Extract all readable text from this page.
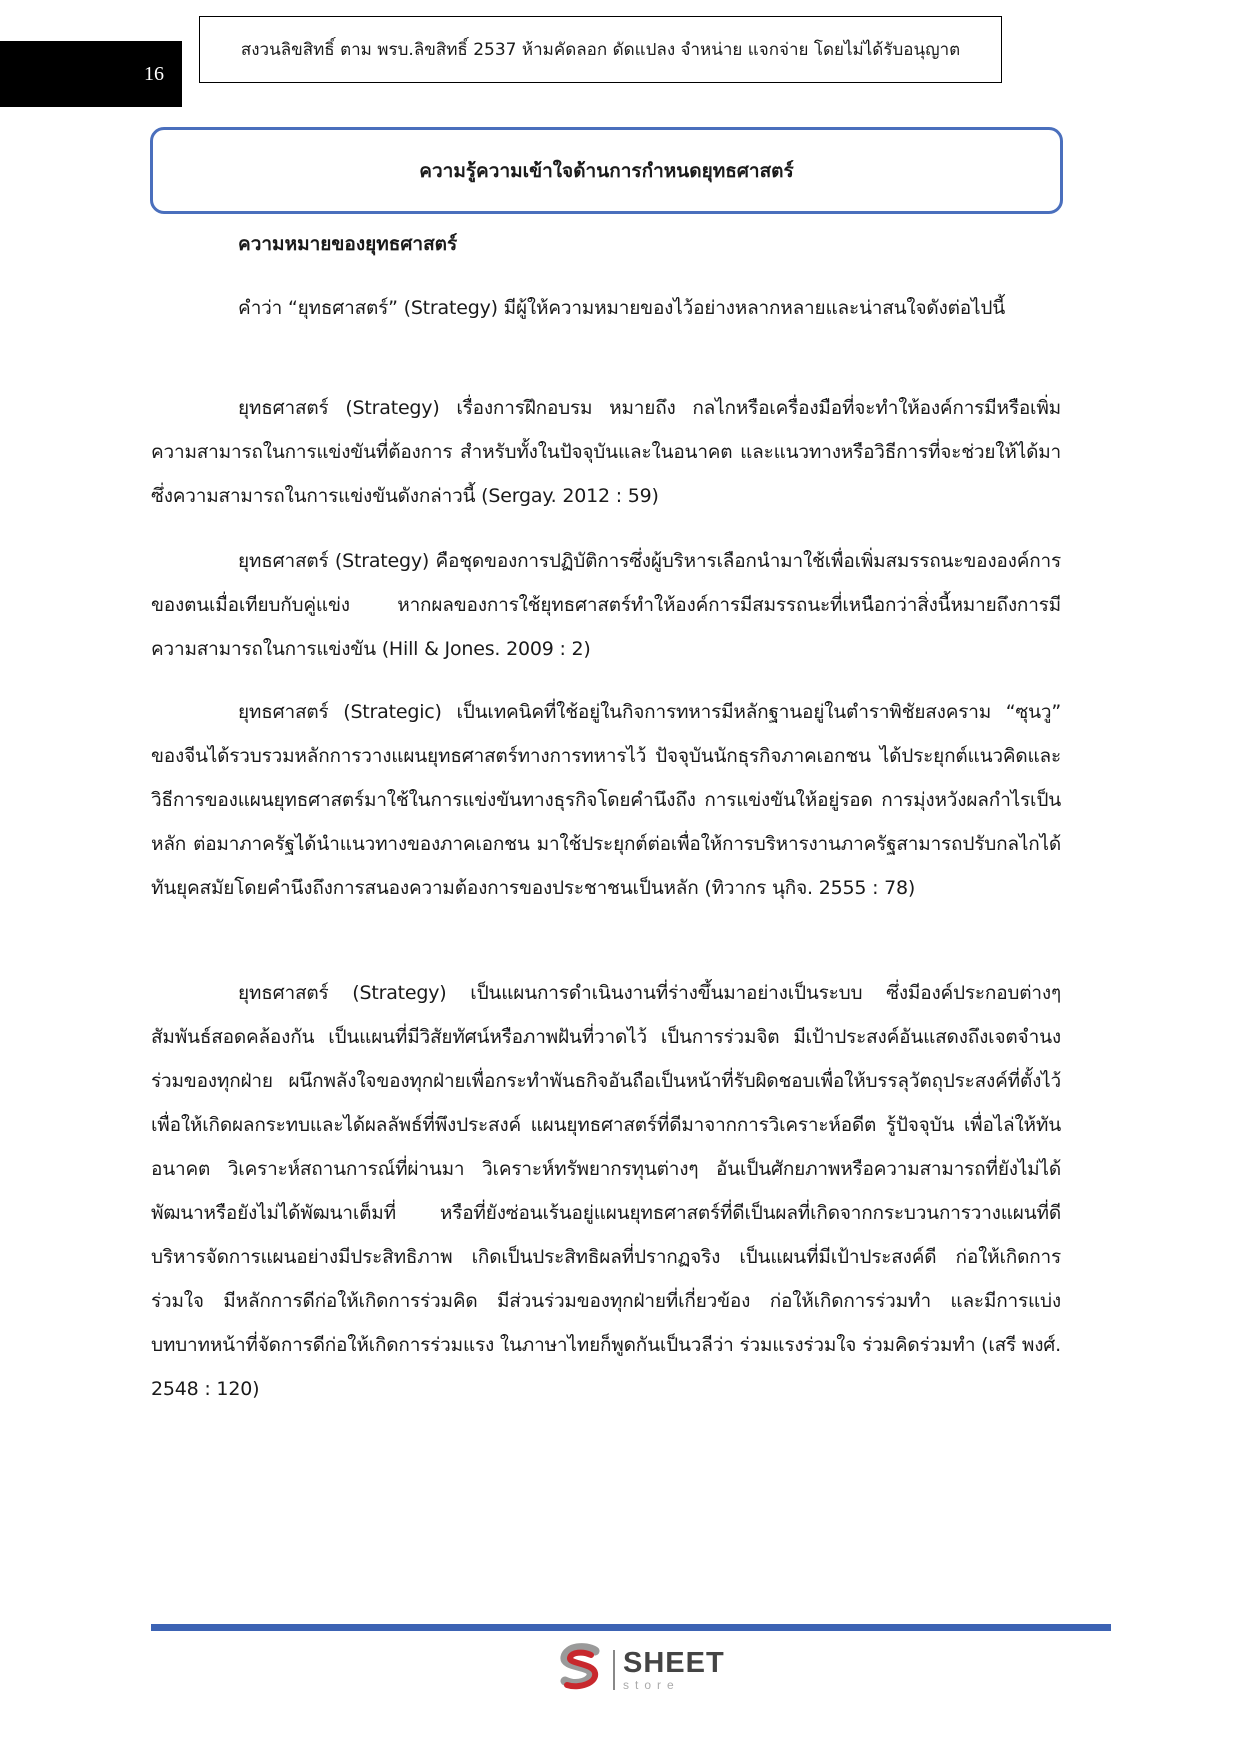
16
สงวนลิขสิทธิ์ ตาม พรบ.ลิขสิทธิ์ 2537 ห้ามคัดลอก ดัดแปลง จำหน่าย แจกจ่าย โดยไม่ได้รับอนุญาต
ความรู้ความเข้าใจด้านการกำหนดยุทธศาสตร์
ความหมายของยุทธศาสตร์

คำว่า “ยุทธศาสตร์” (Strategy) มีผู้ให้ความหมายของไว้อย่างหลากหลายและน่าสนใจดังต่อไปนี้

ยุทธศาสตร์ (Strategy) เรื่องการฝึกอบรม หมายถึง กลไกหรือเครื่องมือที่จะทำให้องค์การมีหรือเพิ่มความสามารถในการแข่งขันที่ต้องการ สำหรับทั้งในปัจจุบันและในอนาคต และแนวทางหรือวิธีการที่จะช่วยให้ได้มาซึ่งความสามารถในการแข่งขันดังกล่าวนี้ (Sergay. 2012 : 59)

ยุทธศาสตร์ (Strategy) คือชุดของการปฏิบัติการซึ่งผู้บริหารเลือกนำมาใช้เพื่อเพิ่มสมรรถนะขององค์การของตนเมื่อเทียบกับคู่แข่ง หากผลของการใช้ยุทธศาสตร์ทำให้องค์การมีสมรรถนะที่เหนือกว่าสิ่งนี้หมายถึงการมีความสามารถในการแข่งขัน (Hill & Jones. 2009 : 2)

ยุทธศาสตร์ (Strategic) เป็นเทคนิคที่ใช้อยู่ในกิจการทหารมีหลักฐานอยู่ในตำราพิชัยสงคราม “ซุนวู” ของจีนได้รวบรวมหลักการวางแผนยุทธศาสตร์ทางการทหารไว้ ปัจจุบันนักธุรกิจภาคเอกชน ได้ประยุกต์แนวคิดและวิธีการของแผนยุทธศาสตร์มาใช้ในการแข่งขันทางธุรกิจโดยคำนึงถึง การแข่งขันให้อยู่รอด การมุ่งหวังผลกำไรเป็นหลัก ต่อมาภาครัฐได้นำแนวทางของภาคเอกชน มาใช้ประยุกต์ต่อเพื่อให้การบริหารงานภาครัฐสามารถปรับกลไกได้ทันยุคสมัยโดยคำนึงถึงการสนองความต้องการของประชาชนเป็นหลัก (ทิวากร นุกิจ. 2555 : 78)

ยุทธศาสตร์ (Strategy) เป็นแผนการดำเนินงานที่ร่างขึ้นมาอย่างเป็นระบบ ซึ่งมีองค์ประกอบต่างๆ สัมพันธ์สอดคล้องกัน เป็นแผนที่มีวิสัยทัศน์หรือภาพฝันที่วาดไว้ เป็นการร่วมจิต มีเป้าประสงค์อันแสดงถึงเจตจำนงร่วมของทุกฝ่าย ผนึกพลังใจของทุกฝ่ายเพื่อกระทำพันธกิจอันถือเป็นหน้าที่รับผิดชอบเพื่อให้บรรลุวัตถุประสงค์ที่ตั้งไว้ เพื่อให้เกิดผลกระทบและได้ผลลัพธ์ที่พึงประสงค์ แผนยุทธศาสตร์ที่ดีมาจากการวิเคราะห์อดีต รู้ปัจจุบัน เพื่อไล่ให้ทันอนาคต วิเคราะห์สถานการณ์ที่ผ่านมา วิเคราะห์ทรัพยากรทุนต่างๆ อันเป็นศักยภาพหรือความสามารถที่ยังไม่ได้พัฒนาหรือยังไม่ได้พัฒนาเต็มที่ หรือที่ยังซ่อนเร้นอยู่แผนยุทธศาสตร์ที่ดีเป็นผลที่เกิดจากกระบวนการวางแผนที่ดี บริหารจัดการแผนอย่างมีประสิทธิภาพ เกิดเป็นประสิทธิผลที่ปรากฏจริง เป็นแผนที่มีเป้าประสงค์ดี ก่อให้เกิดการร่วมใจ มีหลักการดีก่อให้เกิดการร่วมคิด มีส่วนร่วมของทุกฝ่ายที่เกี่ยวข้อง ก่อให้เกิดการร่วมทำ และมีการแบ่งบทบาทหน้าที่จัดการดีก่อให้เกิดการร่วมแรง ในภาษาไทยก็พูดกันเป็นวลีว่า ร่วมแรงร่วมใจ ร่วมคิดร่วมทำ (เสรี พงศ์. 2548 : 120)

SHEET
store
